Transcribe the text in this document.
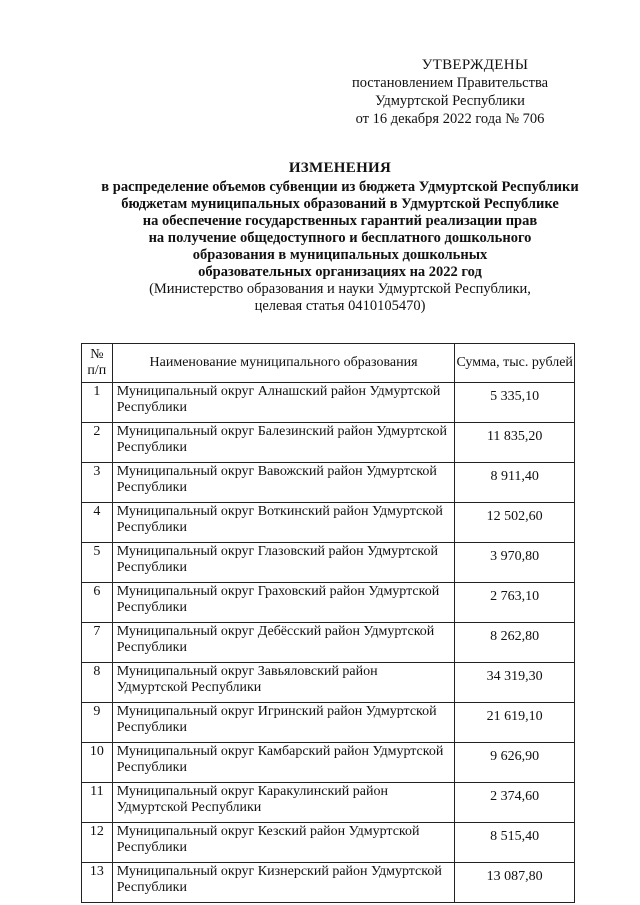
УТВЕРЖДЕНЫ
постановлением Правительства
Удмуртской Республики
от 16 декабря 2022 года № 706
ИЗМЕНЕНИЯ
в распределение объемов субвенции из бюджета Удмуртской Республики
бюджетам муниципальных образований в Удмуртской Республике
на обеспечение государственных гарантий реализации прав
на получение общедоступного и бесплатного дошкольного
образования в муниципальных дошкольных
образовательных организациях на 2022 год
(Министерство образования и науки Удмуртской Республики,
целевая статья 0410105470)
№ п/п	Наименование муниципального образования	Сумма, тыс. рублей
1	Муниципальный округ Алнашский район Удмуртской Республики	5 335,10
2	Муниципальный округ Балезинский район Удмуртской Республики	11 835,20
3	Муниципальный округ Вавожский район Удмуртской Республики	8 911,40
4	Муниципальный округ Воткинский район Удмуртской Республики	12 502,60
5	Муниципальный округ Глазовский район Удмуртской Республики	3 970,80
6	Муниципальный округ Граховский район Удмуртской Республики	2 763,10
7	Муниципальный округ Дебёсский район Удмуртской Республики	8 262,80
8	Муниципальный округ Завьяловский район Удмуртской Республики	34 319,30
9	Муниципальный округ Игринский район Удмуртской Республики	21 619,10
10	Муниципальный округ Камбарский район Удмуртской Республики	9 626,90
11	Муниципальный округ Каракулинский район Удмуртской Республики	2 374,60
12	Муниципальный округ Кезский район Удмуртской Республики	8 515,40
13	Муниципальный округ Кизнерский район Удмуртской Республики	13 087,80
